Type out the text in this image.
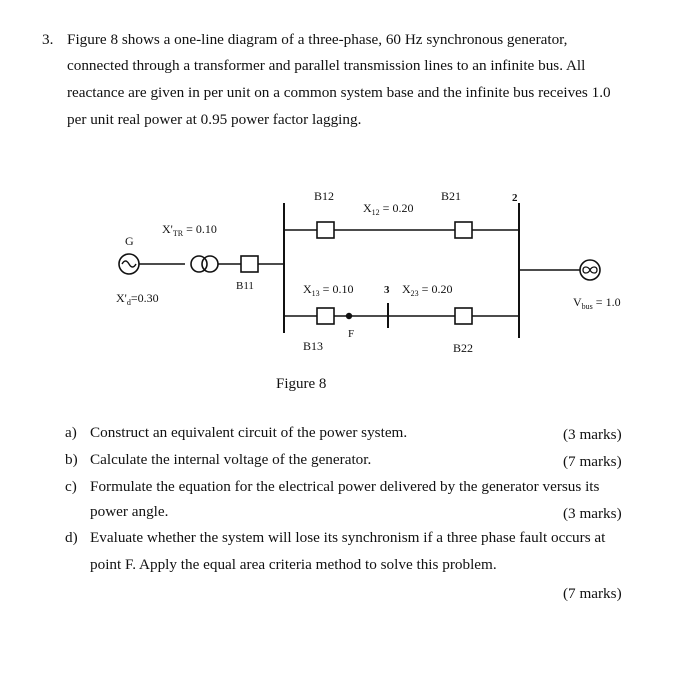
3. Figure 8 shows a one-line diagram of a three-phase, 60 Hz synchronous generator,
connected through a transformer and parallel transmission lines to an infinite bus. All
reactance are given in per unit on a common system base and the infinite bus receives 1.0
per unit real power at 0.95 power factor lagging.
B12	B21	2
$X_{12} = 0.20$
$X'_{TR} = 0.10$
G
B11
$X'_d=0.30$
$X_{13} = 0.10$	3 $X_{23} = 0.20$
$V_{bus} = 1.0$
F
B13	B22
Figure 8
a) Construct an equivalent circuit of the power system.	(3 marks)
b) Calculate the internal voltage of the generator.	(7 marks)
c) Formulate the equation for the electrical power delivered by the generator versus its
power angle.	(3 marks)
d) Evaluate whether the system will lose its synchronism if a three phase fault occurs at
point F. Apply the equal area criteria method to solve this problem.
(7 marks)
